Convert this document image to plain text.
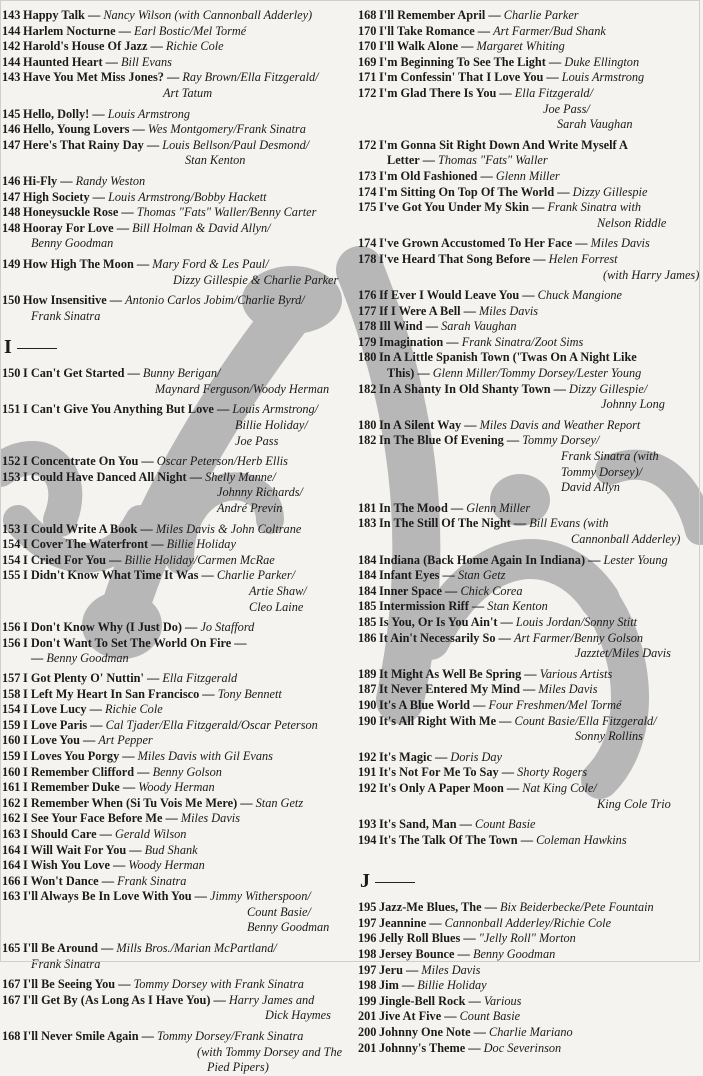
143 Happy Talk — Nancy Wilson (with Cannonball Adderley)
144 Harlem Nocturne — Earl Bostic/Mel Tormé
142 Harold's House Of Jazz — Richie Cole
144 Haunted Heart — Bill Evans
143 Have You Met Miss Jones? — Ray Brown/Ella Fitzgerald/
Art Tatum
145 Hello, Dolly! — Louis Armstrong
146 Hello, Young Lovers — Wes Montgomery/Frank Sinatra
147 Here's That Rainy Day — Louis Bellson/Paul Desmond/
Stan Kenton
146 Hi-Fly — Randy Weston
147 High Society — Louis Armstrong/Bobby Hackett
148 Honeysuckle Rose — Thomas "Fats" Waller/Benny Carter
148 Hooray For Love — Bill Holman & David Allyn/
Benny Goodman
149 How High The Moon — Mary Ford & Les Paul/
Dizzy Gillespie & Charlie Parker
150 How Insensitive — Antonio Carlos Jobim/Charlie Byrd/
Frank Sinatra
I
150 I Can't Get Started — Bunny Berigan/
Maynard Ferguson/Woody Herman
151 I Can't Give You Anything But Love — Louis Armstrong/
Billie Holiday/
Joe Pass
152 I Concentrate On You — Oscar Peterson/Herb Ellis
153 I Could Have Danced All Night — Shelly Manne/
Johnny Richards/
André Previn
153 I Could Write A Book — Miles Davis & John Coltrane
154 I Cover The Waterfront — Billie Holiday
154 I Cried For You — Billie Holiday/Carmen McRae
155 I Didn't Know What Time It Was — Charlie Parker/
Artie Shaw/
Cleo Laine
156 I Don't Know Why (I Just Do) — Jo Stafford
156 I Don't Want To Set The World On Fire —
— Benny Goodman
157 I Got Plenty O' Nuttin' — Ella Fitzgerald
158 I Left My Heart In San Francisco — Tony Bennett
154 I Love Lucy — Richie Cole
159 I Love Paris — Cal Tjader/Ella Fitzgerald/Oscar Peterson
160 I Love You — Art Pepper
159 I Loves You Porgy — Miles Davis with Gil Evans
160 I Remember Clifford — Benny Golson
161 I Remember Duke — Woody Herman
162 I Remember When (Si Tu Vois Me Mere) — Stan Getz
162 I See Your Face Before Me — Miles Davis
163 I Should Care — Gerald Wilson
164 I Will Wait For You — Bud Shank
164 I Wish You Love — Woody Herman
166 I Won't Dance — Frank Sinatra
163 I'll Always Be In Love With You — Jimmy Witherspoon/
Count Basie/
Benny Goodman
165 I'll Be Around — Mills Bros./Marian McPartland/
Frank Sinatra
167 I'll Be Seeing You — Tommy Dorsey with Frank Sinatra
167 I'll Get By (As Long As I Have You) — Harry James and
Dick Haymes
168 I'll Never Smile Again — Tommy Dorsey/Frank Sinatra
(with Tommy Dorsey and The
Pied Pipers)
168 I'll Remember April — Charlie Parker
170 I'll Take Romance — Art Farmer/Bud Shank
170 I'll Walk Alone — Margaret Whiting
169 I'm Beginning To See The Light — Duke Ellington
171 I'm Confessin' That I Love You — Louis Armstrong
172 I'm Glad There Is You — Ella Fitzgerald/
Joe Pass/
Sarah Vaughan
172 I'm Gonna Sit Right Down And Write Myself A
Letter — Thomas "Fats" Waller
173 I'm Old Fashioned — Glenn Miller
174 I'm Sitting On Top Of The World — Dizzy Gillespie
175 I've Got You Under My Skin — Frank Sinatra with
Nelson Riddle
174 I've Grown Accustomed To Her Face — Miles Davis
178 I've Heard That Song Before — Helen Forrest
(with Harry James)
176 If Ever I Would Leave You — Chuck Mangione
177 If I Were A Bell — Miles Davis
178 Ill Wind — Sarah Vaughan
179 Imagination — Frank Sinatra/Zoot Sims
180 In A Little Spanish Town ('Twas On A Night Like
This) — Glenn Miller/Tommy Dorsey/Lester Young
182 In A Shanty In Old Shanty Town — Dizzy Gillespie/
Johnny Long
180 In A Silent Way — Miles Davis and Weather Report
182 In The Blue Of Evening — Tommy Dorsey/
Frank Sinatra (with
Tommy Dorsey)/
David Allyn
181 In The Mood — Glenn Miller
183 In The Still Of The Night — Bill Evans (with
Cannonball Adderley)
184 Indiana (Back Home Again In Indiana) — Lester Young
184 Infant Eyes — Stan Getz
184 Inner Space — Chick Corea
185 Intermission Riff — Stan Kenton
185 Is You, Or Is You Ain't — Louis Jordan/Sonny Stitt
186 It Ain't Necessarily So — Art Farmer/Benny Golson
Jazztet/Miles Davis
189 It Might As Well Be Spring — Various Artists
187 It Never Entered My Mind — Miles Davis
190 It's A Blue World — Four Freshmen/Mel Tormé
190 It's All Right With Me — Count Basie/Ella Fitzgerald/
Sonny Rollins
192 It's Magic — Doris Day
191 It's Not For Me To Say — Shorty Rogers
192 It's Only A Paper Moon — Nat King Cole/
King Cole Trio
193 It's Sand, Man — Count Basie
194 It's The Talk Of The Town — Coleman Hawkins
J
195 Jazz-Me Blues, The — Bix Beiderbecke/Pete Fountain
197 Jeannine — Cannonball Adderley/Richie Cole
196 Jelly Roll Blues — "Jelly Roll" Morton
198 Jersey Bounce — Benny Goodman
197 Jeru — Miles Davis
198 Jim — Billie Holiday
199 Jingle-Bell Rock — Various
201 Jive At Five — Count Basie
200 Johnny One Note — Charlie Mariano
201 Johnny's Theme — Doc Severinson
